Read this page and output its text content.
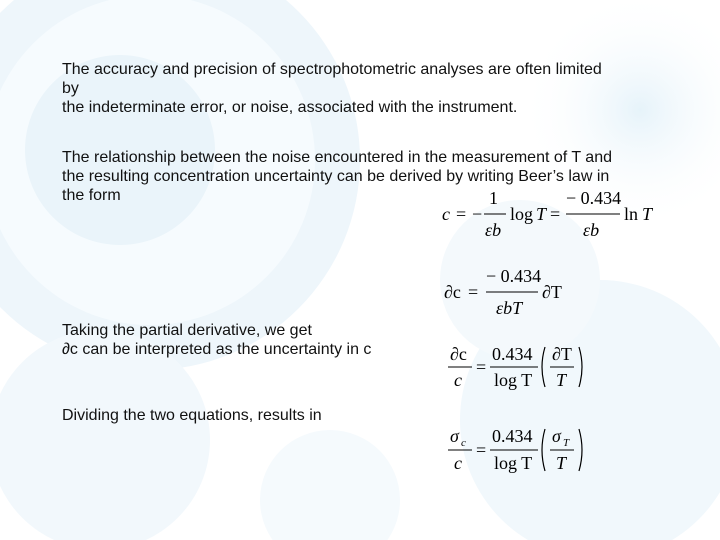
The accuracy and precision of spectrophotometric analyses are often limited

by

the indeterminate error, or noise, associated with the instrument.

The relationship between the noise encountered in the measurement of T and

the resulting concentration uncertainty can be derived by writing Beer’s law in

the form

Taking the partial derivative, we get

∂c can be interpreted as the uncertainty in c

Dividing the two equations, results in

c = −
1
εb
log T =
− 0.434
εb
ln T
∂c =
− 0.434
εbT
∂T
∂c
c
=
0.434
log T
∂T
T
σ c
c
=
0.434
log T
σ T
T
